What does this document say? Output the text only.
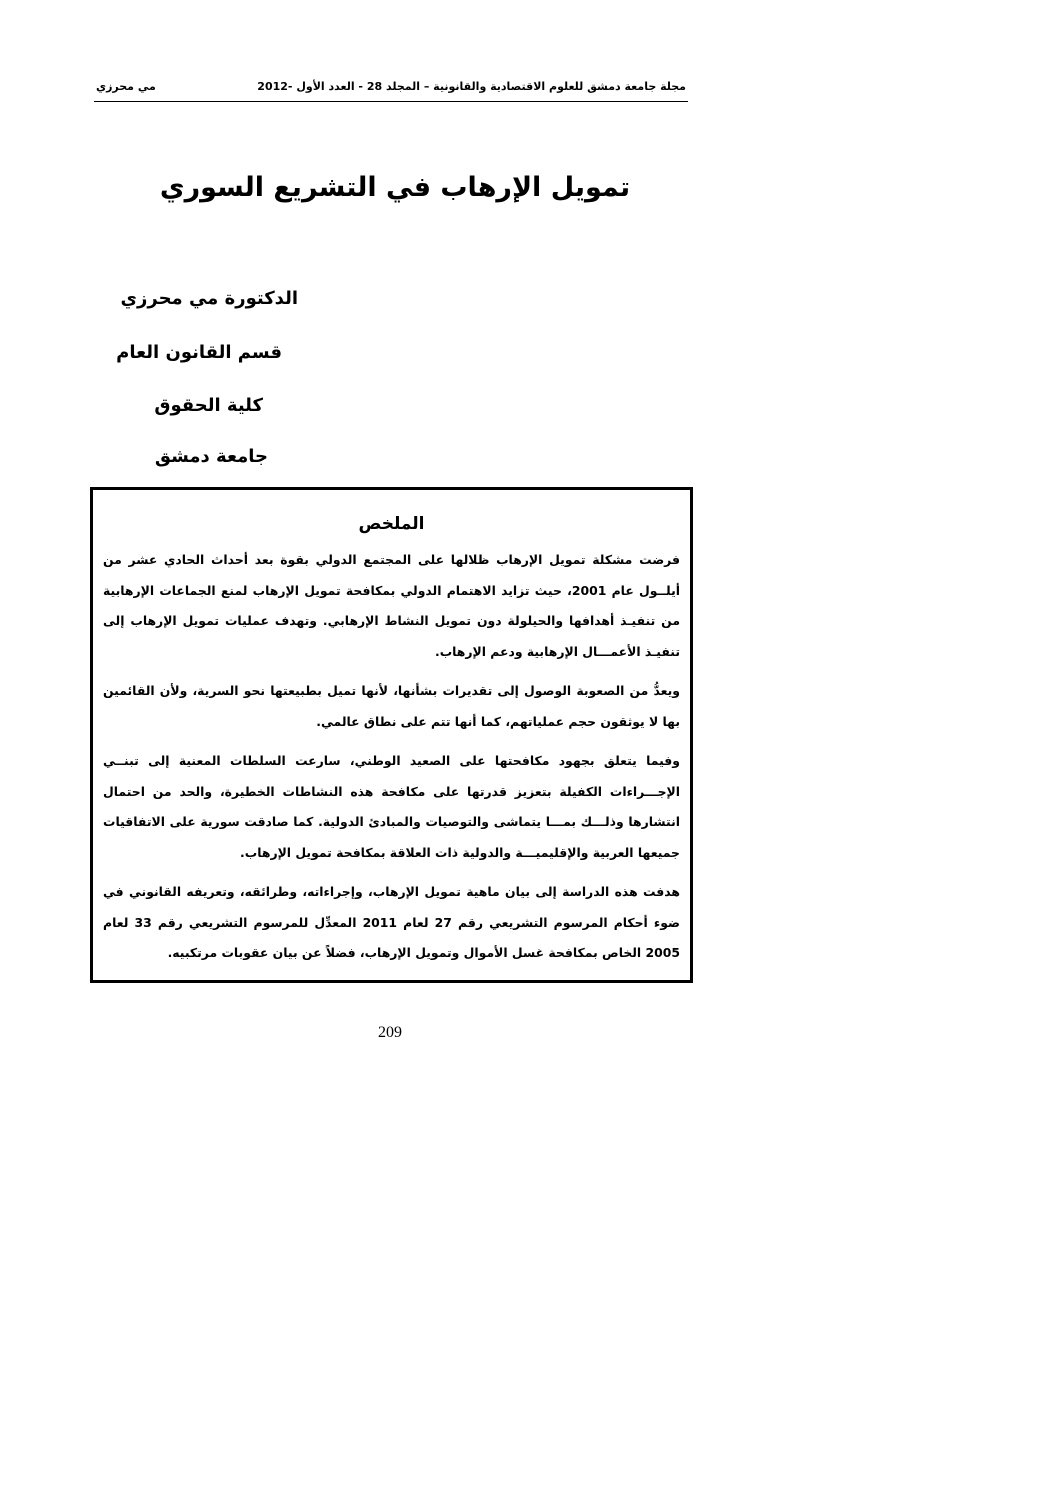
مجلة جامعة دمشق للعلوم الاقتصادية والقانونية – المجلد 28 - العدد الأول -2012
مي محرزي
تمويل الإرهاب في التشريع السوري

الدكتورة مي محرزي

قسم القانون العام

كلية الحقوق

جامعة دمشق

الملخص

فرضت مشكلة تمويل الإرهاب ظلالها على المجتمع الدولي بقوة بعد أحداث الحادي عشر من أيلــول عام 2001، حيث تزايد الاهتمام الدولي بمكافحة تمويل الإرهاب لمنع الجماعات الإرهابية من تنفيـذ أهدافها والحيلولة دون تمويل النشاط الإرهابي. وتهدف عمليات تمويل الإرهاب إلى تنفيـذ الأعمـــال الإرهابية ودعم الإرهاب.

ويعدُّ من الصعوبة الوصول إلى تقديرات بشأنها، لأنها تميل بطبيعتها نحو السرية، ولأن القائمين بها لا يوثقون حجم عملياتهم، كما أنها تتم على نطاق عالمي.

وفيما يتعلق بجهود مكافحتها على الصعيد الوطني، سارعت السلطات المعنية إلى تبنــي الإجـــراءات الكفيلة بتعزيز قدرتها على مكافحة هذه النشاطات الخطيرة، والحد من احتمال انتشارها وذلـــك بمـــا يتماشى والتوصيات والمبادئ الدولية. كما صادقت سورية على الاتفاقيات جميعها العربية والإقليميـــة والدولية ذات العلاقة بمكافحة تمويل الإرهاب.

هدفت هذه الدراسة إلى بيان ماهية تمويل الإرهاب، وإجراءاته، وطرائقه، وتعريفه القانوني في ضوء أحكام المرسوم التشريعي رقم 27 لعام 2011 المعدِّل للمرسوم التشريعي رقم 33 لعام 2005 الخاص بمكافحة غسل الأموال وتمويل الإرهاب، فضلاً عن بيان عقوبات مرتكبيه.

209
